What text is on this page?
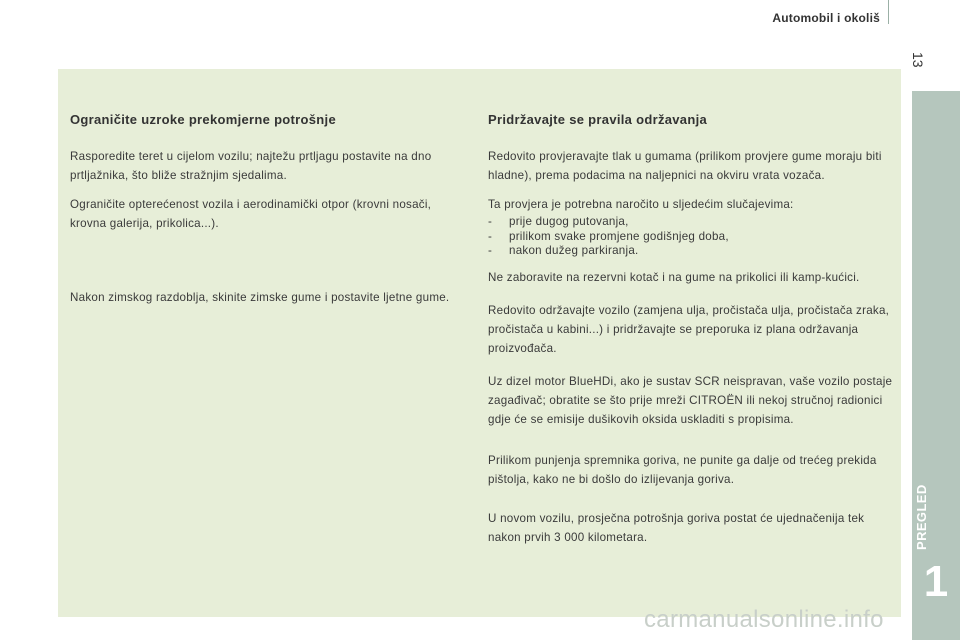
Automobil i okoliš
13
PREGLED
1
Ograničite uzroke prekomjerne potrošnje

Rasporedite teret u cijelom vozilu; najtežu prtljagu postavite na dno prtljažnika, što bliže stražnjim sjedalima.

Ograničite opterećenost vozila i aerodinamički otpor (krovni nosači, krovna galerija, prikolica...).

Nakon zimskog razdoblja, skinite zimske gume i postavite ljetne gume.

Pridržavajte se pravila održavanja

Redovito provjeravajte tlak u gumama (prilikom provjere gume moraju biti hladne), prema podacima na naljepnici na okviru vrata vozača.

Ta provjera je potrebna naročito u sljedećim slučajevima:

- prije dugog putovanja,
- prilikom svake promjene godišnjeg doba,
- nakon dužeg parkiranja.

Ne zaboravite na rezervni kotač i na gume na prikolici ili kamp-kućici.

Redovito održavajte vozilo (zamjena ulja, pročistača ulja, pročistača zraka, pročistača u kabini...) i pridržavajte se preporuka iz plana održavanja proizvođača.

Uz dizel motor BlueHDi, ako je sustav SCR neispravan, vaše vozilo postaje zagađivač; obratite se što prije mreži CITROËN ili nekoj stručnoj radionici gdje će se emisije dušikovih oksida uskladiti s propisima.

Prilikom punjenja spremnika goriva, ne punite ga dalje od trećeg prekida pištolja, kako ne bi došlo do izlijevanja goriva.

U novom vozilu, prosječna potrošnja goriva postat će ujednačenija tek nakon prvih 3 000 kilometara.

carmanualsonline.info
